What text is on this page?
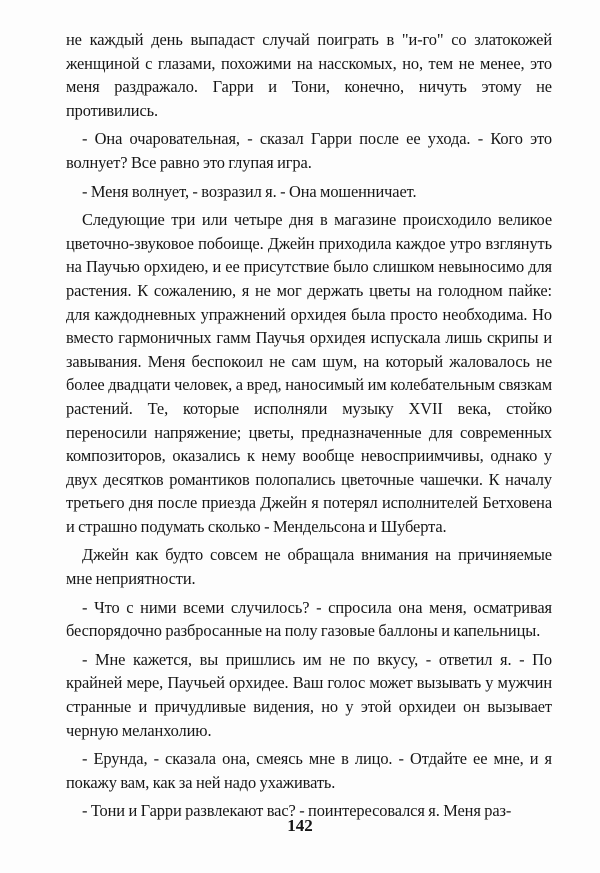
не каждый день выпадаст случай поиграть в "и-го" со златокожей женщиной с глазами, похожими на насскомых, но, тем не менее, это меня раздражало. Гарри и Тони, конечно, ничуть этому не противились.

- Она очаровательная, - сказал Гарри после ее ухода. - Кого это волнует? Все равно это глупая игра.

- Меня волнует, - возразил я. - Она мошенничает.

Следующие три или четыре дня в магазине происходило великое цветочно-звуковое побоище. Джейн приходила каждое утро взглянуть на Паучью орхидею, и ее присутствие было слишком невыносимо для растения. К сожалению, я не мог держать цветы на голодном пайке: для каждодневных упражнений орхидея была просто необходима. Но вместо гармоничных гамм Паучья орхидея испускала лишь скрипы и завывания. Меня беспокоил не сам шум, на который жаловалось не более двадцати человек, а вред, наносимый им колебательным связкам растений. Те, которые исполняли музыку XVII века, стойко переносили напряжение; цветы, предназначенные для современных композиторов, оказались к нему вообще невосприимчивы, однако у двух десятков романтиков полопались цветочные чашечки. К началу третьего дня после приезда Джейн я потерял исполнителей Бетховена и страшно подумать сколько - Мендельсона и Шуберта.

Джейн как будто совсем не обращала внимания на причиняемые мне неприятности.

- Что с ними всеми случилось? - спросила она меня, осматривая беспорядочно разбросанные на полу газовые баллоны и капельницы.

- Мне кажется, вы пришлись им не по вкусу, - ответил я. - По крайней мере, Паучьей орхидее. Ваш голос может вызывать у мужчин странные и причудливые видения, но у этой орхидеи он вызывает черную меланхолию.

- Ерунда, - сказала она, смеясь мне в лицо. - Отдайте ее мне, и я покажу вам, как за ней надо ухаживать.

- Тони и Гарри развлекают вас? - поинтересовался я. Меня раз-

142
